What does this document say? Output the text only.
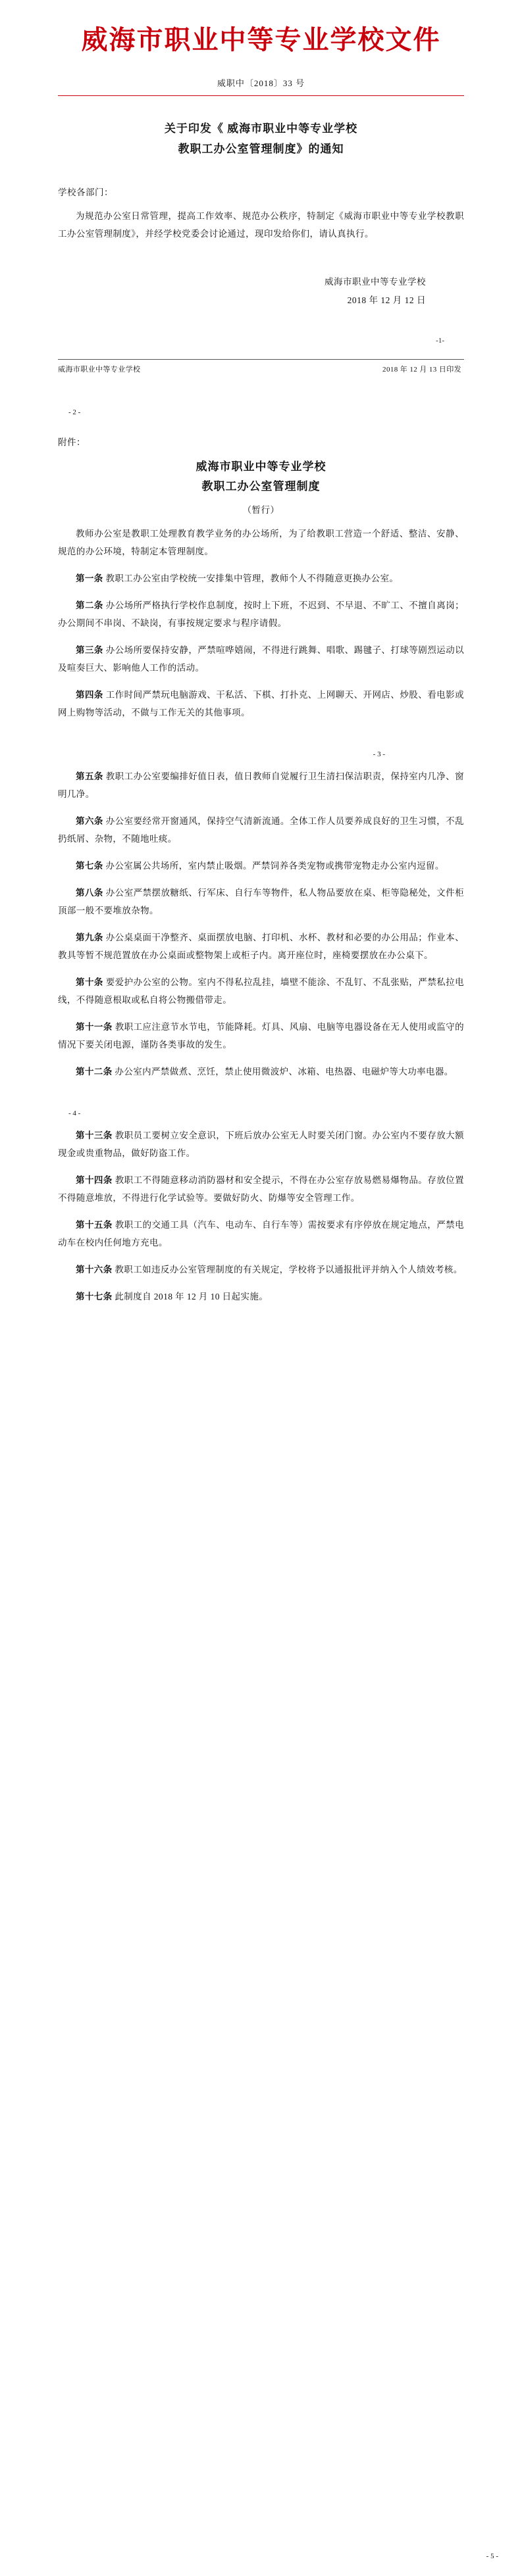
威海市职业中等专业学校文件
威职中〔2018〕33 号
关于印发《 威海市职业中等专业学校
教职工办公室管理制度》的通知
学校各部门：

为规范办公室日常管理，提高工作效率、规范办公秩序，特制定《威海市职业中等专业学校教职工办公室管理制度》，并经学校党委会讨论通过，现印发给你们，请认真执行。

威海市职业中等专业学校
2018 年 12 月 12 日
-1-
威海市职业中等专业学校	2018 年 12 月 13 日印发
- 2 -
附件：
威海市职业中等专业学校
教职工办公室管理制度
（暂行）

教师办公室是教职工处理教育教学业务的办公场所，为了给教职工营造一个舒适、整洁、安静、规范的办公环境，特制定本管理制度。

第一条 教职工办公室由学校统一安排集中管理，教师个人不得随意更换办公室。

第二条 办公场所严格执行学校作息制度，按时上下班，不迟到、不早退、不旷工、不擅自离岗；办公期间不串岗、不缺岗，有事按规定要求与程序请假。

第三条 办公场所要保持安静，严禁喧哗嬉闹，不得进行跳舞、唱歌、踢毽子、打球等剧烈运动以及喧奏巨大、影响他人工作的活动。

第四条 工作时间严禁玩电脑游戏、干私活、下棋、打扑克、上网聊天、开网店、炒股、看电影或网上购物等活动，不做与工作无关的其他事项。

- 3 -

第五条 教职工办公室要编排好值日表，值日教师自觉履行卫生清扫保洁职责，保持室内几净、窗明几净。

第六条 办公室要经常开窗通风，保持空气清新流通。全体工作人员要养成良好的卫生习惯，不乱扔纸屑、杂物，不随地吐痰。

第七条 办公室属公共场所，室内禁止吸烟。严禁饲养各类宠物或携带宠物走办公室内逗留。

第八条 办公室严禁摆放糖纸、行军床、自行车等物件，私人物品要放在桌、柜等隐秘处，文件柜顶部一般不要堆放杂物。

第九条 办公桌桌面干净整齐、桌面摆放电脑、打印机、水杯、教材和必要的办公用品；作业本、教具等暂不规范置放在办公桌面或整物架上或柜子内。离开座位时，座椅要摆放在办公桌下。

第十条 要爱护办公室的公物。室内不得私拉乱挂，墙壁不能涂、不乱钉、不乱张贴，严禁私拉电线，不得随意根取或私自将公物搬借带走。

第十一条 教职工应注意节水节电，节能降耗。灯具、风扇、电脑等电器设备在无人使用或监守的情况下要关闭电源，谨防各类事故的发生。

第十二条 办公室内严禁做煮、烹饪，禁止使用微波炉、冰箱、电热器、电磁炉等大功率电器。

- 4 -

第十三条 教职员工要树立安全意识，下班后放办公室无人时要关闭门窗。办公室内不要存放大额现金或贵重物品，做好防盗工作。

第十四条 教职工不得随意移动消防器材和安全提示，不得在办公室存放易燃易爆物品。存放位置不得随意堆放，不得进行化学试验等。要做好防火、防爆等安全管理工作。

第十五条 教职工的交通工具（汽车、电动车、自行车等）需按要求有序停放在规定地点，严禁电动车在校内任何地方充电。

第十六条 教职工如违反办公室管理制度的有关规定，学校将予以通报批评并纳入个人绩效考核。

第十七条 此制度自 2018 年 12 月 10 日起实施。

- 5 -
